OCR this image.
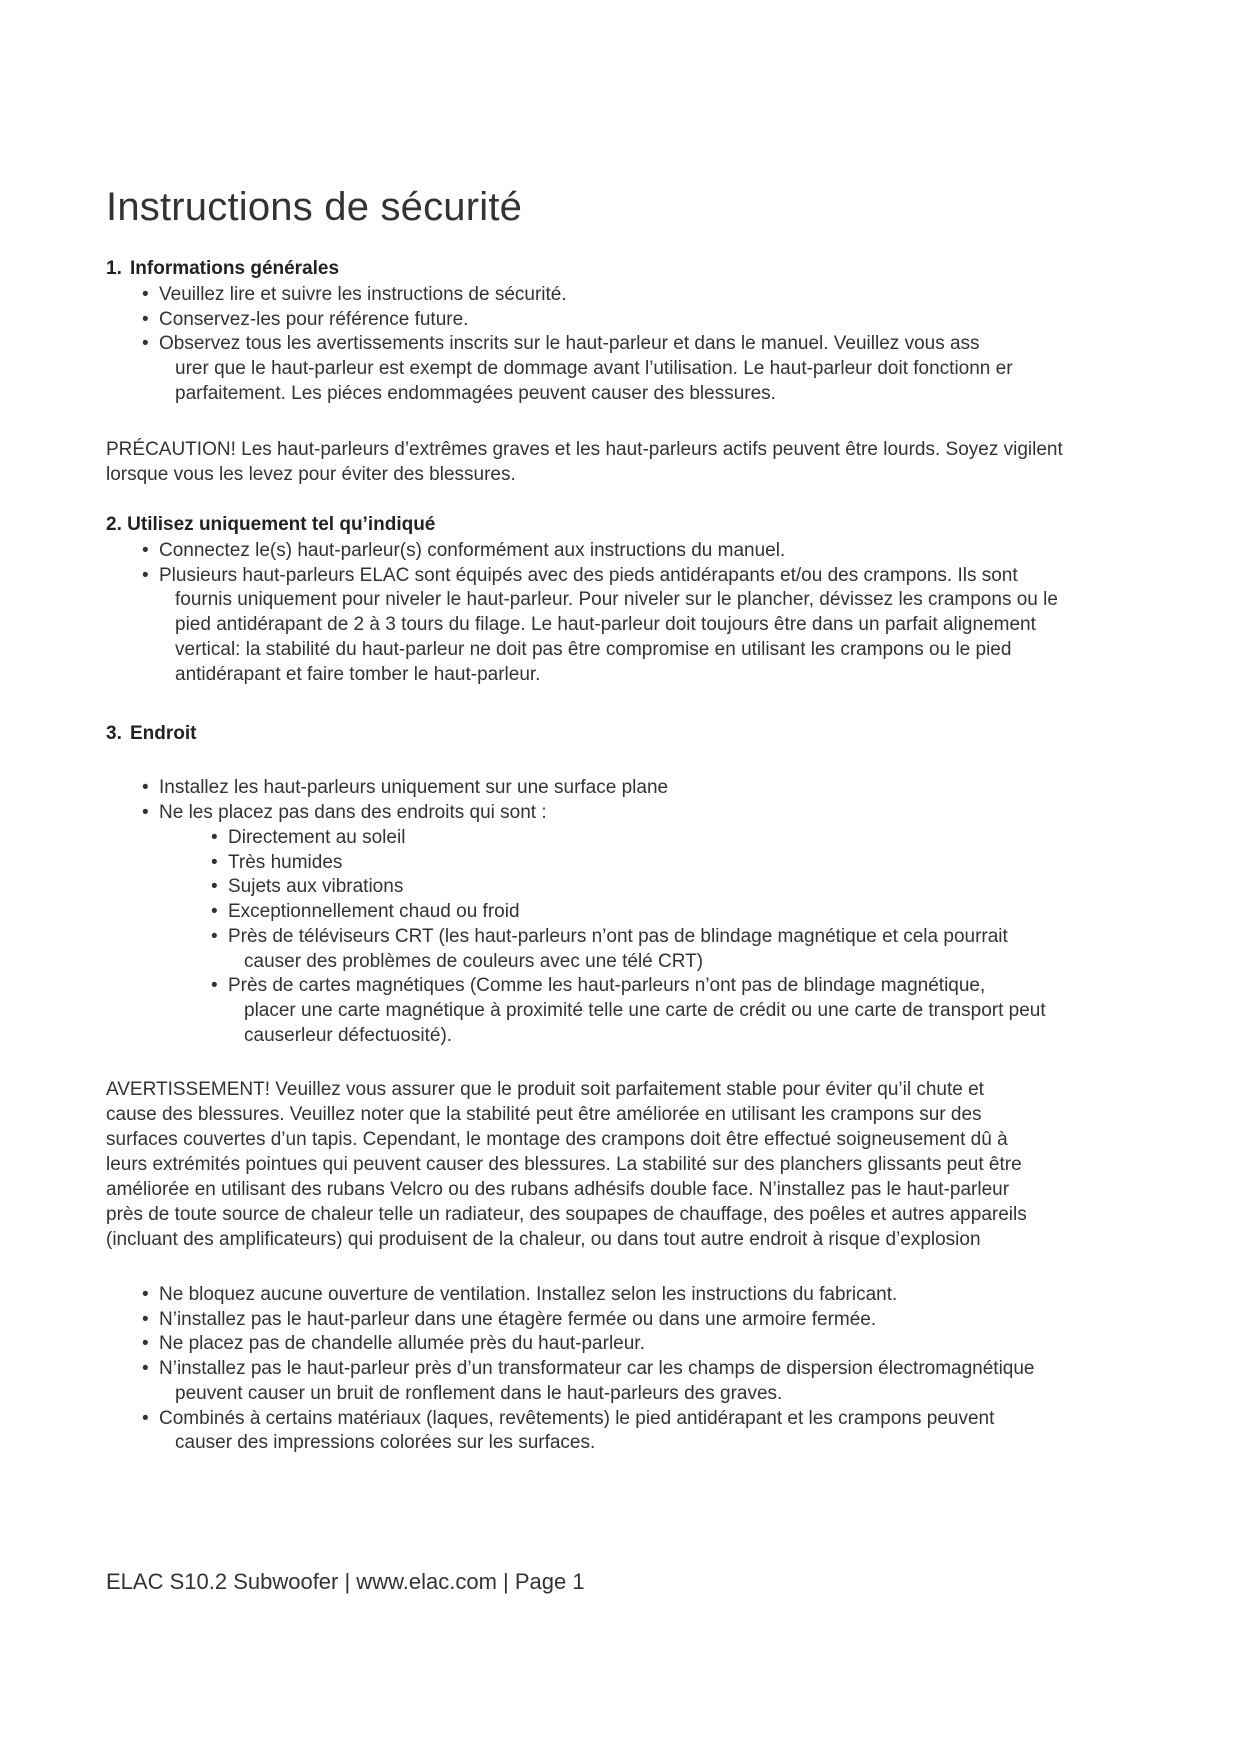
Instructions de sécurité
1. Informations générales
• Veuillez lire et suivre les instructions de sécurité.
• Conservez-les pour référence future.
• Observez tous les avertissements inscrits sur le haut-parleur et dans le manuel. Veuillez vous ass
urer que le haut-parleur est exempt de dommage avant l’utilisation. Le haut-parleur doit fonctionn er
parfaitement. Les piéces endommagées peuvent causer des blessures.

PRÉCAUTION! Les haut-parleurs d’extrêmes graves et les haut-parleurs actifs peuvent être lourds. Soyez vigilent
lorsque vous les levez pour éviter des blessures.

2. Utilisez uniquement tel qu’indiqué
• Connectez le(s) haut-parleur(s) conformément aux instructions du manuel.
• Plusieurs haut-parleurs ELAC sont équipés avec des pieds antidérapants et/ou des crampons. Ils sont
fournis uniquement pour niveler le haut-parleur. Pour niveler sur le plancher, dévissez les crampons ou le
pied antidérapant de 2 à 3 tours du filage. Le haut-parleur doit toujours être dans un parfait alignement
vertical: la stabilité du haut-parleur ne doit pas être compromise en utilisant les crampons ou le pied
antidérapant et faire tomber le haut-parleur.
3. Endroit
• Installez les haut-parleurs uniquement sur une surface plane
• Ne les placez pas dans des endroits qui sont :
• Directement au soleil
• Très humides
• Sujets aux vibrations
• Exceptionnellement chaud ou froid
• Près de téléviseurs CRT (les haut-parleurs n’ont pas de blindage magnétique et cela pourrait
causer des problèmes de couleurs avec une télé CRT)
• Près de cartes magnétiques (Comme les haut-parleurs n’ont pas de blindage magnétique,
placer une carte magnétique à proximité telle une carte de crédit ou une carte de transport peut
causerleur défectuosité).

AVERTISSEMENT! Veuillez vous assurer que le produit soit parfaitement stable pour éviter qu’il chute et
cause des blessures. Veuillez noter que la stabilité peut être améliorée en utilisant les crampons sur des
surfaces couvertes d’un tapis. Cependant, le montage des crampons doit être effectué soigneusement dû à
leurs extrémités pointues qui peuvent causer des blessures. La stabilité sur des planchers glissants peut être
améliorée en utilisant des rubans Velcro ou des rubans adhésifs double face. N’installez pas le haut-parleur
près de toute source de chaleur telle un radiateur, des soupapes de chauffage, des poêles et autres appareils
(incluant des amplificateurs) qui produisent de la chaleur, ou dans tout autre endroit à risque d’explosion

• Ne bloquez aucune ouverture de ventilation. Installez selon les instructions du fabricant.
• N’installez pas le haut-parleur dans une étagère fermée ou dans une armoire fermée.
• Ne placez pas de chandelle allumée près du haut-parleur.
• N’installez pas le haut-parleur près d’un transformateur car les champs de dispersion électromagnétique
peuvent causer un bruit de ronflement dans le haut-parleurs des graves.
• Combinés à certains matériaux (laques, revêtements) le pied antidérapant et les crampons peuvent
causer des impressions colorées sur les surfaces.

ELAC S10.2 Subwoofer | www.elac.com | Page 1
